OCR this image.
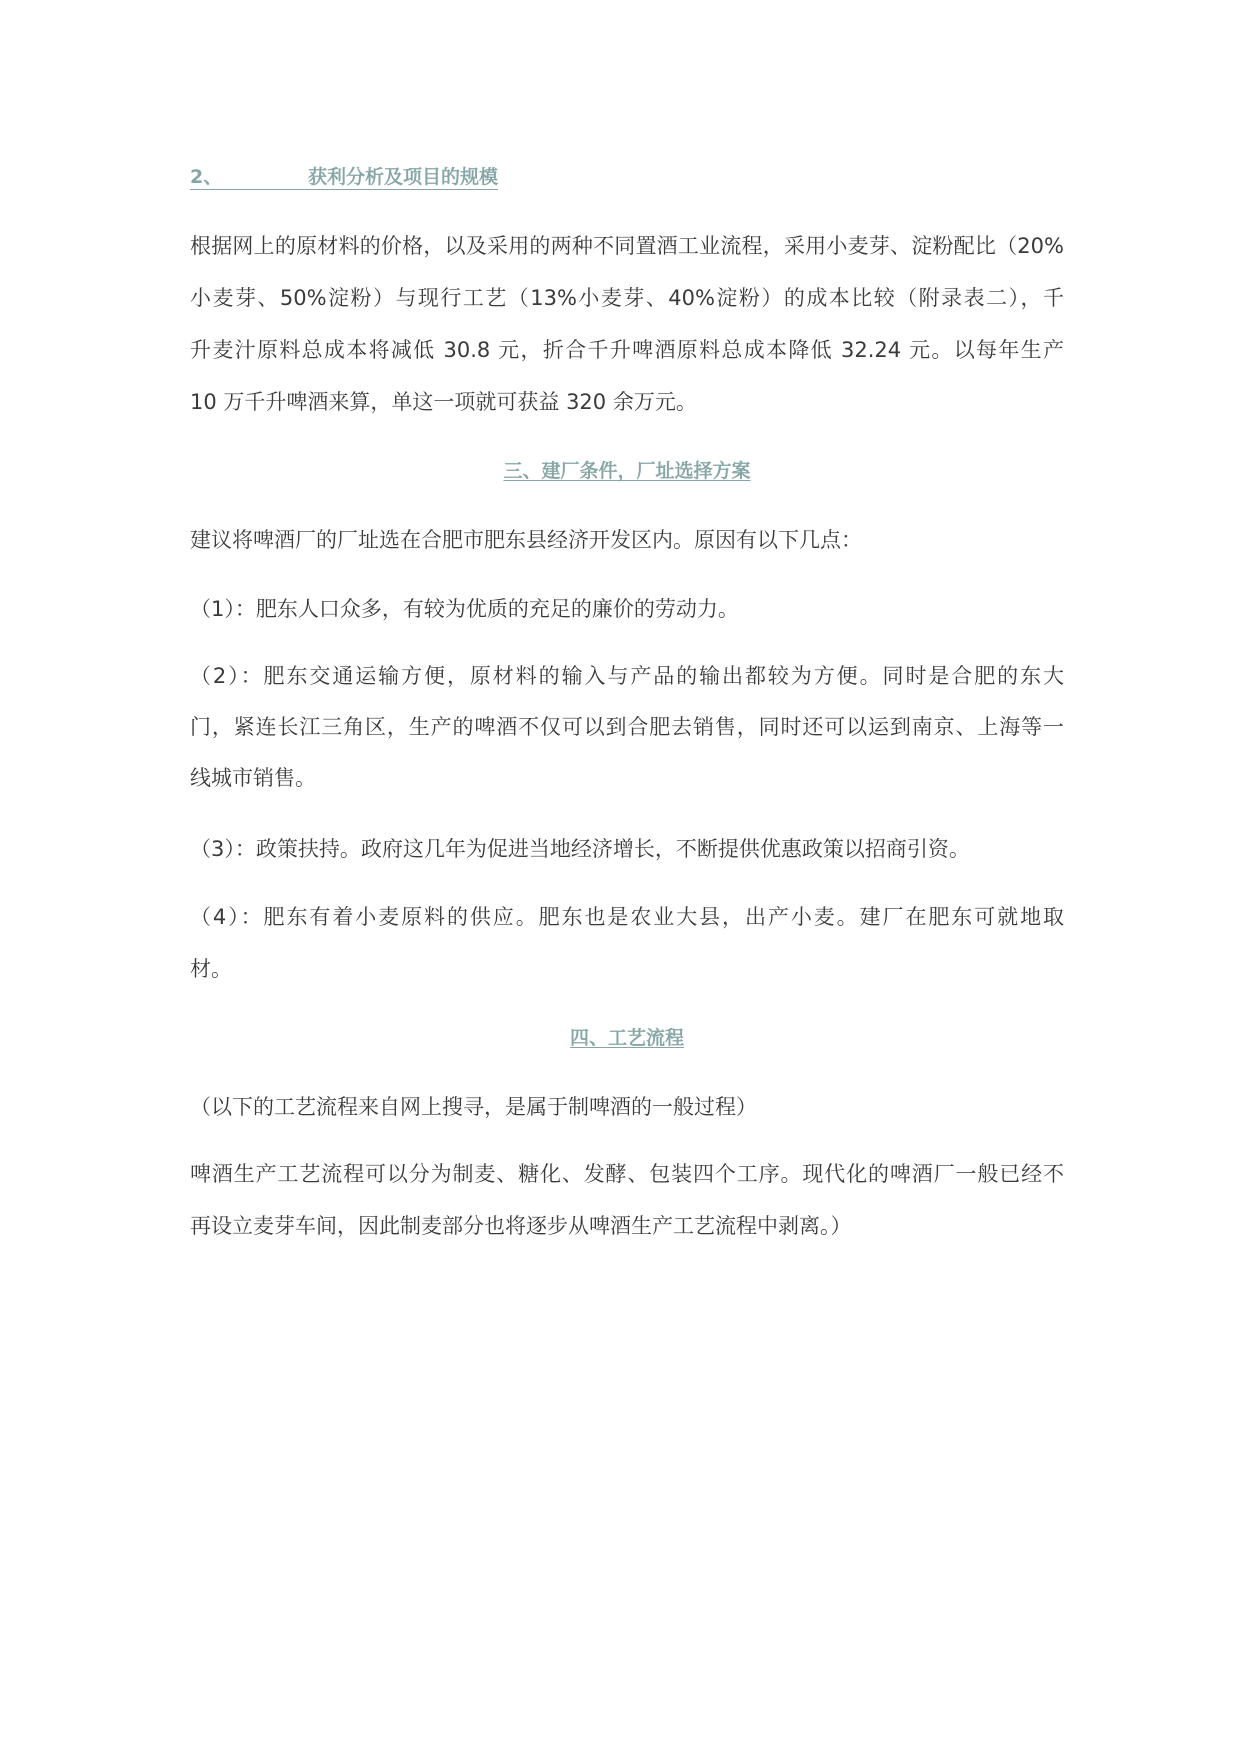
2、	获利分析及项目的规模
根据网上的原材料的价格，以及采用的两种不同置酒工业流程，采用小麦芽、淀粉配比（20%
小麦芽、50%淀粉）与现行工艺（13%小麦芽、40%淀粉）的成本比较（附录表二），千
升麦汁原料总成本将减低 30.8 元，折合千升啤酒原料总成本降低 32.24 元。以每年生产
10 万千升啤酒来算，单这一项就可获益 320 余万元。
三、建厂条件，厂址选择方案
建议将啤酒厂的厂址选在合肥市肥东县经济开发区内。原因有以下几点：
（1）：肥东人口众多，有较为优质的充足的廉价的劳动力。
（2）：肥东交通运输方便，原材料的输入与产品的输出都较为方便。同时是合肥的东大
门，紧连长江三角区，生产的啤酒不仅可以到合肥去销售，同时还可以运到南京、上海等一
线城市销售。
（3）：政策扶持。政府这几年为促进当地经济增长，不断提供优惠政策以招商引资。
（4）：肥东有着小麦原料的供应。肥东也是农业大县，出产小麦。建厂在肥东可就地取
材。
四、工艺流程
（以下的工艺流程来自网上搜寻，是属于制啤酒的一般过程）
啤酒生产工艺流程可以分为制麦、糖化、发酵、包装四个工序。现代化的啤酒厂一般已经不
再设立麦芽车间，因此制麦部分也将逐步从啤酒生产工艺流程中剥离。）
